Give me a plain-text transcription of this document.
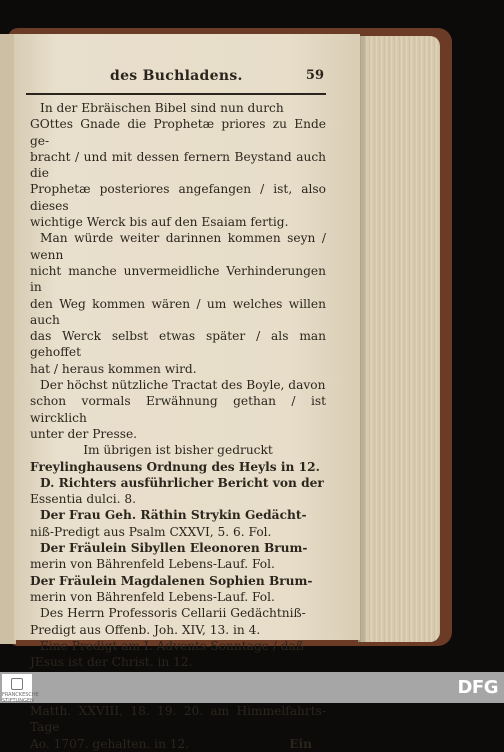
des Buchladens.	59

In der Ebräischen Bibel sind nun durch

GOttes Gnade die Prophetæ priores zu Ende ge-

bracht / und mit dessen fernern Beystand auch die

Prophetæ posteriores angefangen / ist, also dieses

wichtige Werck bis auf den Esaiam fertig.

Man würde weiter darinnen kommen seyn / wenn

nicht manche unvermeidliche Verhinderungen in

den Weg kommen wären / um welches willen auch

das Werck selbst etwas später / als man gehoffet

hat / heraus kommen wird.

Der höchst nützliche Tractat des Boyle, davon

schon vormals Erwähnung gethan / ist wircklich

unter der Presse.

Im übrigen ist bisher gedruckt

Freylinghausens Ordnung des Heyls in 12.

D. Richters ausführlicher Bericht von der

Essentia dulci. 8.

Der Frau Geh. Räthin Strykin Gedächt-

niß-Predigt aus Psalm CXXVI, 5. 6. Fol.

Der Fräulein Sibyllen Eleonoren Brum-

merin von Bährenfeld Lebens-Lauf. Fol.

Der Fräulein Magdalenen Sophien Brum-

merin von Bährenfeld Lebens-Lauf. Fol.

Des Herrn Professoris Cellarii Gedächtniß-

Predigt aus Offenb. Joh. XIV, 13. in 4.

Eine Predigt am I. Advents-Sonntage / daß

JEsus ist der Christ. in 12.

Matth. XXVIII, 18. 19. 20. am Himmelfahrts-Tage

Ao. 1707. gehalten. in 12.	Ein

FRANCKESCHE STIFTUNGEN
DFG
